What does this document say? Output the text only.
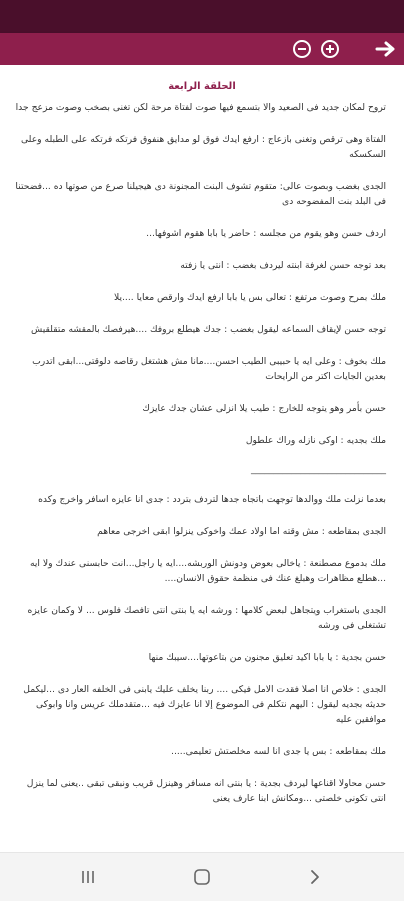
الحلقة الرابعة

تروح لمكان جديد فى الصعيد والا بتسمع فيها صوت لفتاة مرحة لكن تغنى بصخب وصوت مزعج جدا

الفتاة وهى ترقص وتغنى بازعاج : ارفع ايدك فوق لو مدايق هنفوق فرتكه فرتكه على الطبله وعلى السكسكه

الجدى بغضب وبصوت عالى: متقوم تشوف البنت المجنونة دى هيجيلنا صرع من صوتها ده ...فضحتنا فى البلد بنت المفضوحه دى

اردف حسن وهو يقوم من مجلسه : حاضر يا بابا هقوم اشوفها...

بعد توجه حسن لغرفة ابنته ليردف بغضب : انتى يا زفته

ملك بمرح وصوت مرتفع : تعالى بس يا بابا ارفع ايدك وارقص معايا ....يلا

توجه حسن لإيقاف السماعه ليقول بغضب : جدك هيطلع بروفك ....هيرفصك بالمقشه متقلقيش

ملك بخوف : وعلى ايه يا حبيبى الطيب احسن....مانا مش هشتغل رقاصه دلوقتى...ابقى اتدرب بعدين الجايات اكتر من الرايحات

حسن بأمر وهو يتوجه للخارج : طيب يلا انزلى عشان جدك عايزك

ملك بجديه : اوكى نازله وراك علطول

______________________________

بعدما نزلت ملك ووالدها توجهت باتجاه جدها لتردف بتردد : جدى انا عايزه اسافر واخرج وكده

الجدى بمقاطعه : مش وقته اما اولاد عمك واخوكى ينزلوا ابقى اخرجى معاهم

ملك بدموع مصطنعة : ياخالى بعوض ودونش الوربشه....ايه يا راجل...انت حابسنى عندك ولا ايه ...هطلع مظاهرات وهبلغ عنك فى منظمة حقوق الانسان....

الجدى باستغراب ويتجاهل لبعض كلامها : ورشه ايه يا بنتى انتى تافصك فلوس ... لا وكمان عايزه تشتغلى فى ورشه

حسن بجدية : يا بابا اكيد تعليق مجنون من بتاعوتها....سيبك منها

الجدى : خلاص انا اصلا فقدت الامل فيكى .... ربنا يخلف عليك يابنى فى الخلفه العار دى ...ليكمل حديثه بجديه ليقول : اليهم نتكلم فى الموضوع إلا انا عايزك فيه ...متقدملك عريس وانا وابوكى موافقين عليه

ملك بمقاطعه : بس يا جدى انا لسه مخلصتش تعليمى.....

حسن محاولا اقناعها ليردف بجدية : يا بنتى انه مسافر وهينزل قريب ونبقى تبقى ..يعنى لما ينزل انتى تكونى خلصتى ...ومكانش ابنا عارف يعنى
